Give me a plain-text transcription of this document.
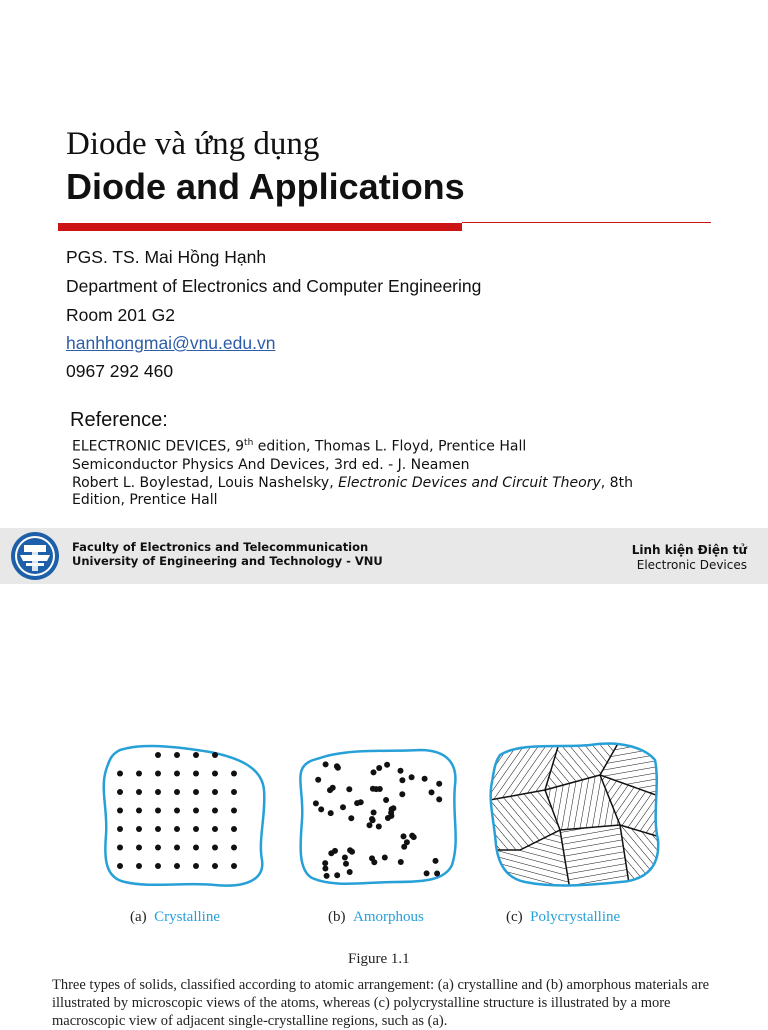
Diode và ứng dụng
Diode and Applications
PGS. TS. Mai Hồng Hạnh
Department of Electronics and Computer Engineering
Room 201 G2
hanhhongmai@vnu.edu.vn
0967 292 460
Reference:
ELECTRONIC DEVICES, 9th edition, Thomas L. Floyd, Prentice Hall
Semiconductor Physics And Devices, 3rd ed. - J. Neamen
Robert L. Boylestad, Louis Nashelsky, Electronic Devices and Circuit Theory, 8th
Edition, Prentice Hall
Faculty of Electronics and Telecommunication
University of Engineering and Technology - VNU
Linh kiện Điện tử
Electronic Devices
(a) Crystalline	(b) Amorphous	(c) Polycrystalline
Figure 1.1
Three types of solids, classified according to atomic arrangement: (a) crystalline and (b) amorphous materials are illustrated by microscopic views of the atoms, whereas (c) polycrystalline structure is illustrated by a more macroscopic view of adjacent single-crystalline regions, such as (a).
